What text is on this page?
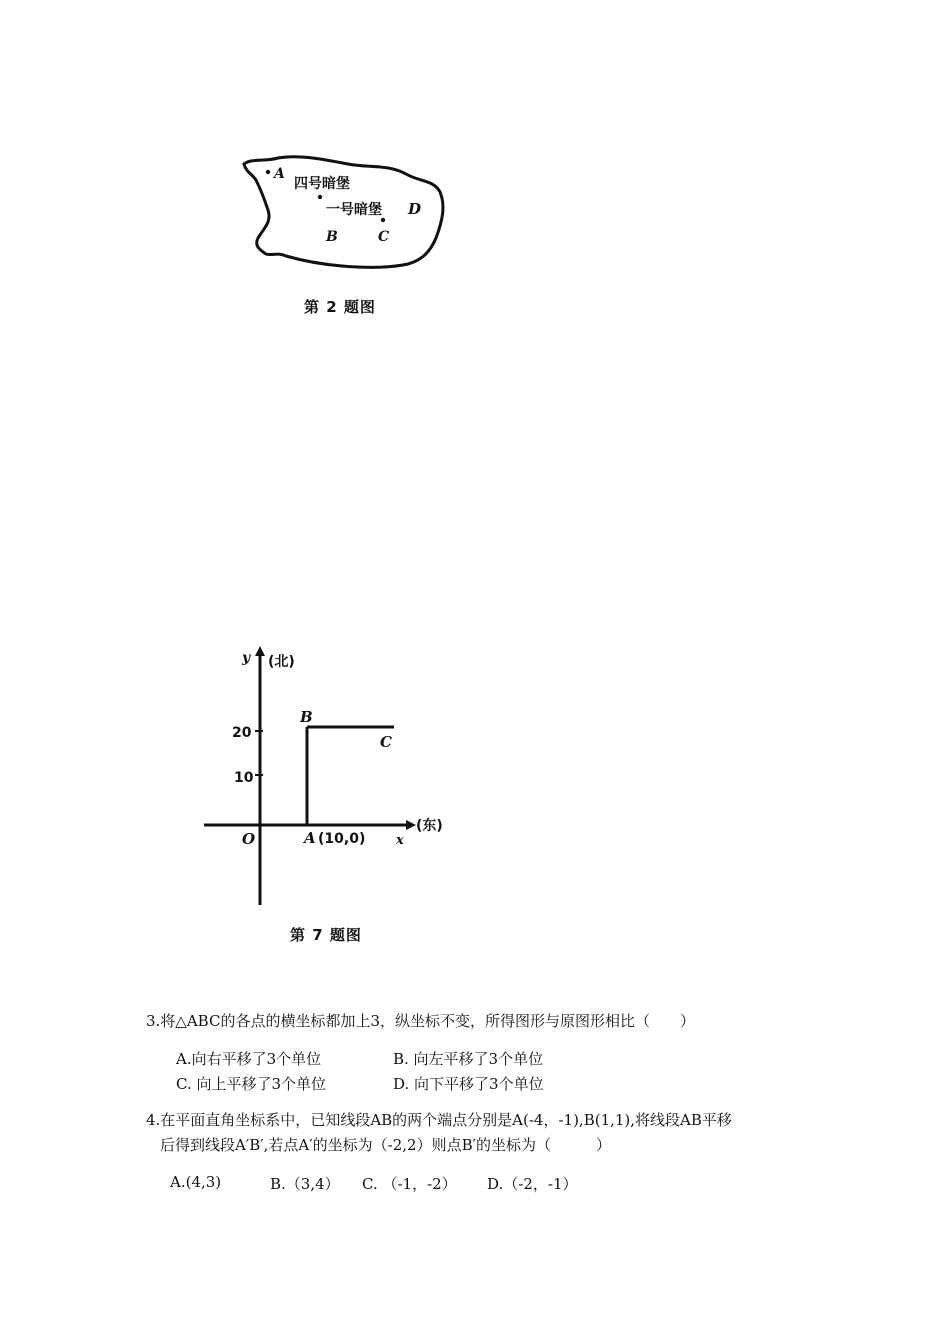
A
四号暗堡
一号暗堡 D
B	C
第 2 题图
y (北)
20
10
B
C
O	A (10,0) x
(东)
第 7 题图
3.将△ABC的各点的横坐标都加上3，纵坐标不变，所得图形与原图形相比（　　）
A.向右平移了3个单位	B. 向左平移了3个单位
C. 向上平移了3个单位	D. 向下平移了3个单位
4.在平面直角坐标系中，已知线段AB的两个端点分别是A(-4，-1),B(1,1),将线段AB平移
后得到线段A′B′,若点A′的坐标为（-2,2）则点B′的坐标为（　　　）
A.(4,3)	B.（3,4） C. （-1，-2） D.（-2，-1）
